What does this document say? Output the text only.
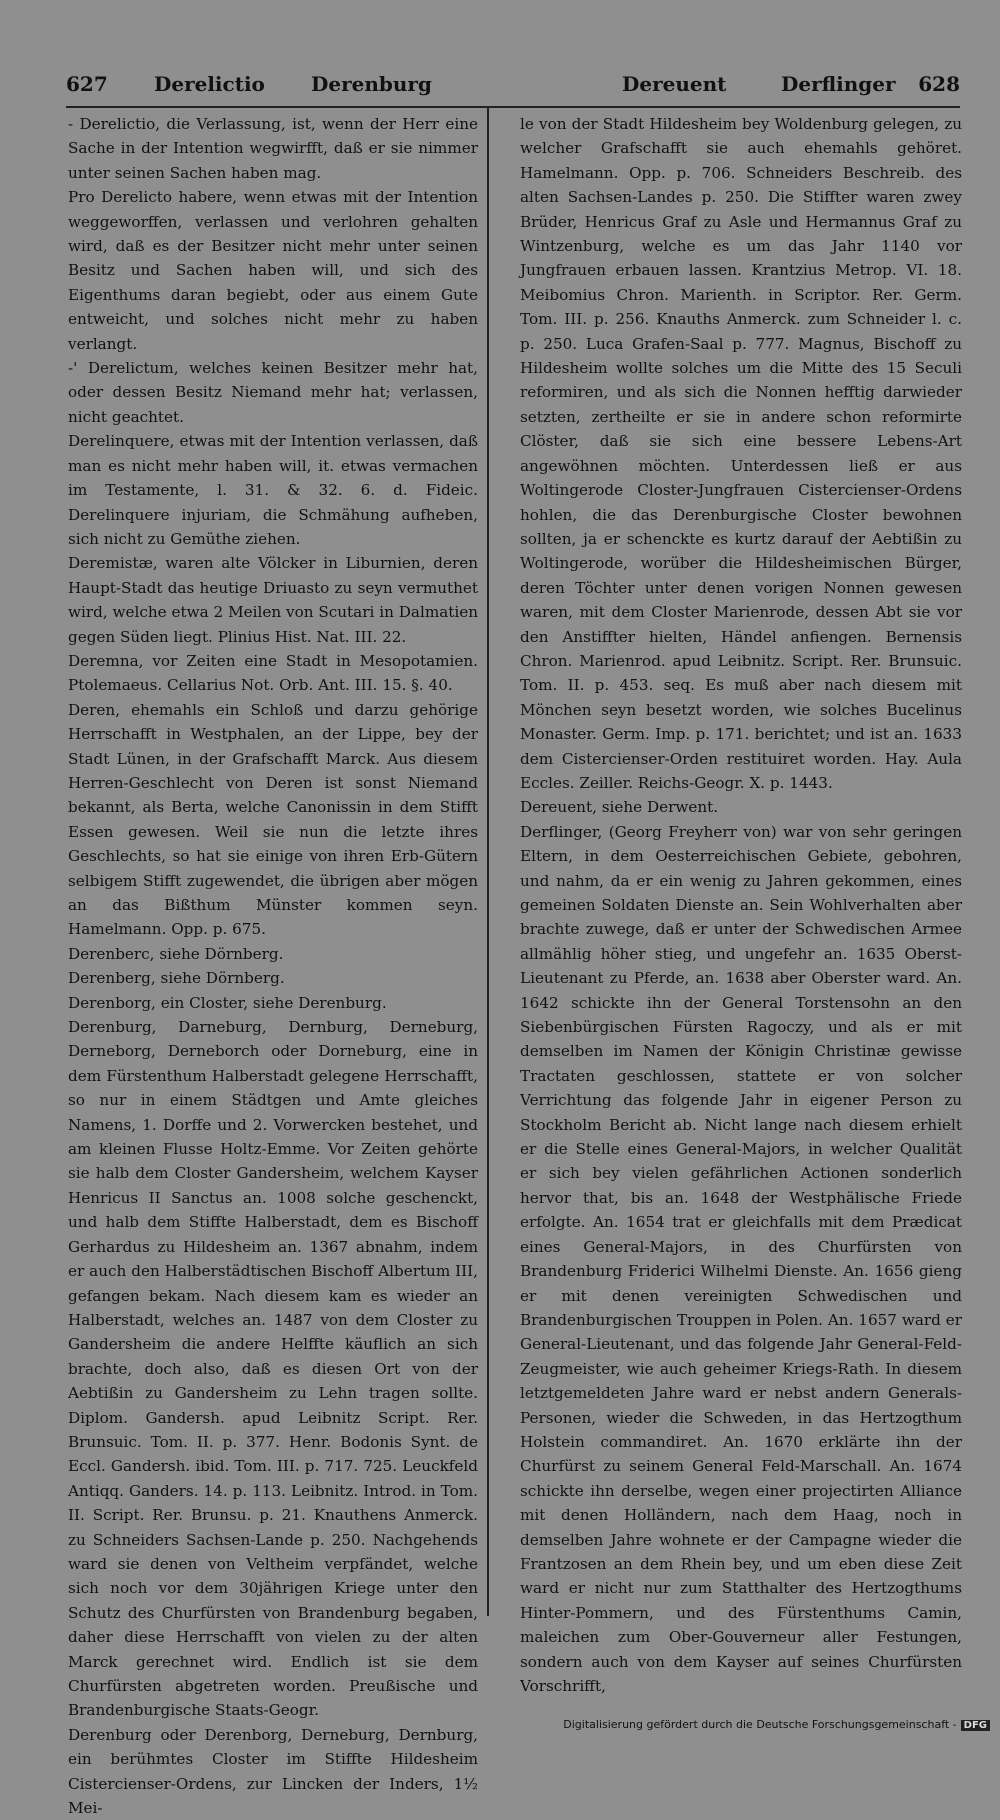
627 Derelictio Derenburg	Dereuent	Derflinger 628

- Derelictio, die Verlassung, ist, wenn der Herr eine Sache in der Intention wegwirfft, daß er sie nimmer unter seinen Sachen haben mag.

Pro Derelicto habere, wenn etwas mit der Intention weggeworffen, verlassen und verlohren gehalten wird, daß es der Besitzer nicht mehr unter seinen Besitz und Sachen haben will, und sich des Eigenthums daran begiebt, oder aus einem Gute entweicht, und solches nicht mehr zu haben verlangt.

-' Derelictum, welches keinen Besitzer mehr hat, oder dessen Besitz Niemand mehr hat; verlassen, nicht geachtet.

Derelinquere, etwas mit der Intention verlassen, daß man es nicht mehr haben will, it. etwas vermachen im Testamente, l. 31. & 32. 6. d. Fideic. Derelinquere injuriam, die Schmähung aufheben, sich nicht zu Gemüthe ziehen.

Deremistæ, waren alte Völcker in Liburnien, deren Haupt-Stadt das heutige Driuasto zu seyn vermuthet wird, welche etwa 2 Meilen von Scutari in Dalmatien gegen Süden liegt. Plinius Hist. Nat. III. 22.

Deremna, vor Zeiten eine Stadt in Mesopotamien. Ptolemaeus. Cellarius Not. Orb. Ant. III. 15. §. 40.

Deren, ehemahls ein Schloß und darzu gehörige Herrschafft in Westphalen, an der Lippe, bey der Stadt Lünen, in der Grafschafft Marck. Aus diesem Herren-Geschlecht von Deren ist sonst Niemand bekannt, als Berta, welche Canonissin in dem Stifft Essen gewesen. Weil sie nun die letzte ihres Geschlechts, so hat sie einige von ihren Erb-Gütern selbigem Stifft zugewendet, die übrigen aber mögen an das Bißthum Münster kommen seyn. Hamelmann. Opp. p. 675.

Derenberc, siehe Dörnberg.

Derenberg, siehe Dörnberg.

Derenborg, ein Closter, siehe Derenburg.

Derenburg, Darneburg, Dernburg, Derneburg, Derneborg, Derneborch oder Dorneburg, eine in dem Fürstenthum Halberstadt gelegene Herrschafft, so nur in einem Städtgen und Amte gleiches Namens, 1. Dorffe und 2. Vorwercken bestehet, und am kleinen Flusse Holtz-Emme. Vor Zeiten gehörte sie halb dem Closter Gandersheim, welchem Kayser Henricus II Sanctus an. 1008 solche geschenckt, und halb dem Stiffte Halberstadt, dem es Bischoff Gerhardus zu Hildesheim an. 1367 abnahm, indem er auch den Halberstädtischen Bischoff Albertum III, gefangen bekam. Nach diesem kam es wieder an Halberstadt, welches an. 1487 von dem Closter zu Gandersheim die andere Helffte käuflich an sich brachte, doch also, daß es diesen Ort von der Aebtißin zu Gandersheim zu Lehn tragen sollte. Diplom. Gandersh. apud Leibnitz Script. Rer. Brunsuic. Tom. II. p. 377. Henr. Bodonis Synt. de Eccl. Gandersh. ibid. Tom. III. p. 717. 725. Leuckfeld Antiqq. Ganders. 14. p. 113. Leibnitz. Introd. in Tom. II. Script. Rer. Brunsu. p. 21. Knauthens Anmerck. zu Schneiders Sachsen-Lande p. 250. Nachgehends ward sie denen von Veltheim verpfändet, welche sich noch vor dem 30jährigen Kriege unter den Schutz des Churfürsten von Brandenburg begaben, daher diese Herrschafft von vielen zu der alten Marck gerechnet wird. Endlich ist sie dem Churfürsten abgetreten worden. Preußische und Brandenburgische Staats-Geogr.

Derenburg oder Derenborg, Derneburg, Dernburg, ein berühmtes Closter im Stiffte Hildesheim Cistercienser-Ordens, zur Lincken der Inders, 1½ Mei-

le von der Stadt Hildesheim bey Woldenburg gelegen, zu welcher Grafschafft sie auch ehemahls gehöret. Hamelmann. Opp. p. 706. Schneiders Beschreib. des alten Sachsen-Landes p. 250. Die Stiffter waren zwey Brüder, Henricus Graf zu Asle und Hermannus Graf zu Wintzenburg, welche es um das Jahr 1140 vor Jungfrauen erbauen lassen. Krantzius Metrop. VI. 18. Meibomius Chron. Marienth. in Scriptor. Rer. Germ. Tom. III. p. 256. Knauths Anmerck. zum Schneider l. c. p. 250. Luca Grafen-Saal p. 777. Magnus, Bischoff zu Hildesheim wollte solches um die Mitte des 15 Seculi reformiren, und als sich die Nonnen hefftig darwieder setzten, zertheilte er sie in andere schon reformirte Clöster, daß sie sich eine bessere Lebens-Art angewöhnen möchten. Unterdessen ließ er aus Woltingerode Closter-Jungfrauen Cistercienser-Ordens hohlen, die das Derenburgische Closter bewohnen sollten, ja er schenckte es kurtz darauf der Aebtißin zu Woltingerode, worüber die Hildesheimischen Bürger, deren Töchter unter denen vorigen Nonnen gewesen waren, mit dem Closter Marienrode, dessen Abt sie vor den Anstiffter hielten, Händel anfiengen. Bernensis Chron. Marienrod. apud Leibnitz. Script. Rer. Brunsuic. Tom. II. p. 453. seq. Es muß aber nach diesem mit Mönchen seyn besetzt worden, wie solches Bucelinus Monaster. Germ. Imp. p. 171. berichtet; und ist an. 1633 dem Cistercienser-Orden restituiret worden. Hay. Aula Eccles. Zeiller. Reichs-Geogr. X. p. 1443.

Dereuent, siehe Derwent.

Derflinger, (Georg Freyherr von) war von sehr geringen Eltern, in dem Oesterreichischen Gebiete, gebohren, und nahm, da er ein wenig zu Jahren gekommen, eines gemeinen Soldaten Dienste an. Sein Wohlverhalten aber brachte zuwege, daß er unter der Schwedischen Armee allmählig höher stieg, und ungefehr an. 1635 Oberst-Lieutenant zu Pferde, an. 1638 aber Oberster ward. An. 1642 schickte ihn der General Torstensohn an den Siebenbürgischen Fürsten Ragoczy, und als er mit demselben im Namen der Königin Christinæ gewisse Tractaten geschlossen, stattete er von solcher Verrichtung das folgende Jahr in eigener Person zu Stockholm Bericht ab. Nicht lange nach diesem erhielt er die Stelle eines General-Majors, in welcher Qualität er sich bey vielen gefährlichen Actionen sonderlich hervor that, bis an. 1648 der Westphälische Friede erfolgte. An. 1654 trat er gleichfalls mit dem Prædicat eines General-Majors, in des Churfürsten von Brandenburg Friderici Wilhelmi Dienste. An. 1656 gieng er mit denen vereinigten Schwedischen und Brandenburgischen Trouppen in Polen. An. 1657 ward er General-Lieutenant, und das folgende Jahr General-Feld-Zeugmeister, wie auch geheimer Kriegs-Rath. In diesem letztgemeldeten Jahre ward er nebst andern Generals-Personen, wieder die Schweden, in das Hertzogthum Holstein commandiret. An. 1670 erklärte ihn der Churfürst zu seinem General Feld-Marschall. An. 1674 schickte ihn derselbe, wegen einer projectirten Alliance mit denen Holländern, nach dem Haag, noch in demselben Jahre wohnete er der Campagne wieder die Frantzosen an dem Rhein bey, und um eben diese Zeit ward er nicht nur zum Statthalter des Hertzogthums Hinter-Pommern, und des Fürstenthums Camin, maleichen zum Ober-Gouverneur aller Festungen, sondern auch von dem Kayser auf seines Churfürsten Vorschrifft,

Digitalisierung gefördert durch die Deutsche Forschungsgemeinschaft - DFG
